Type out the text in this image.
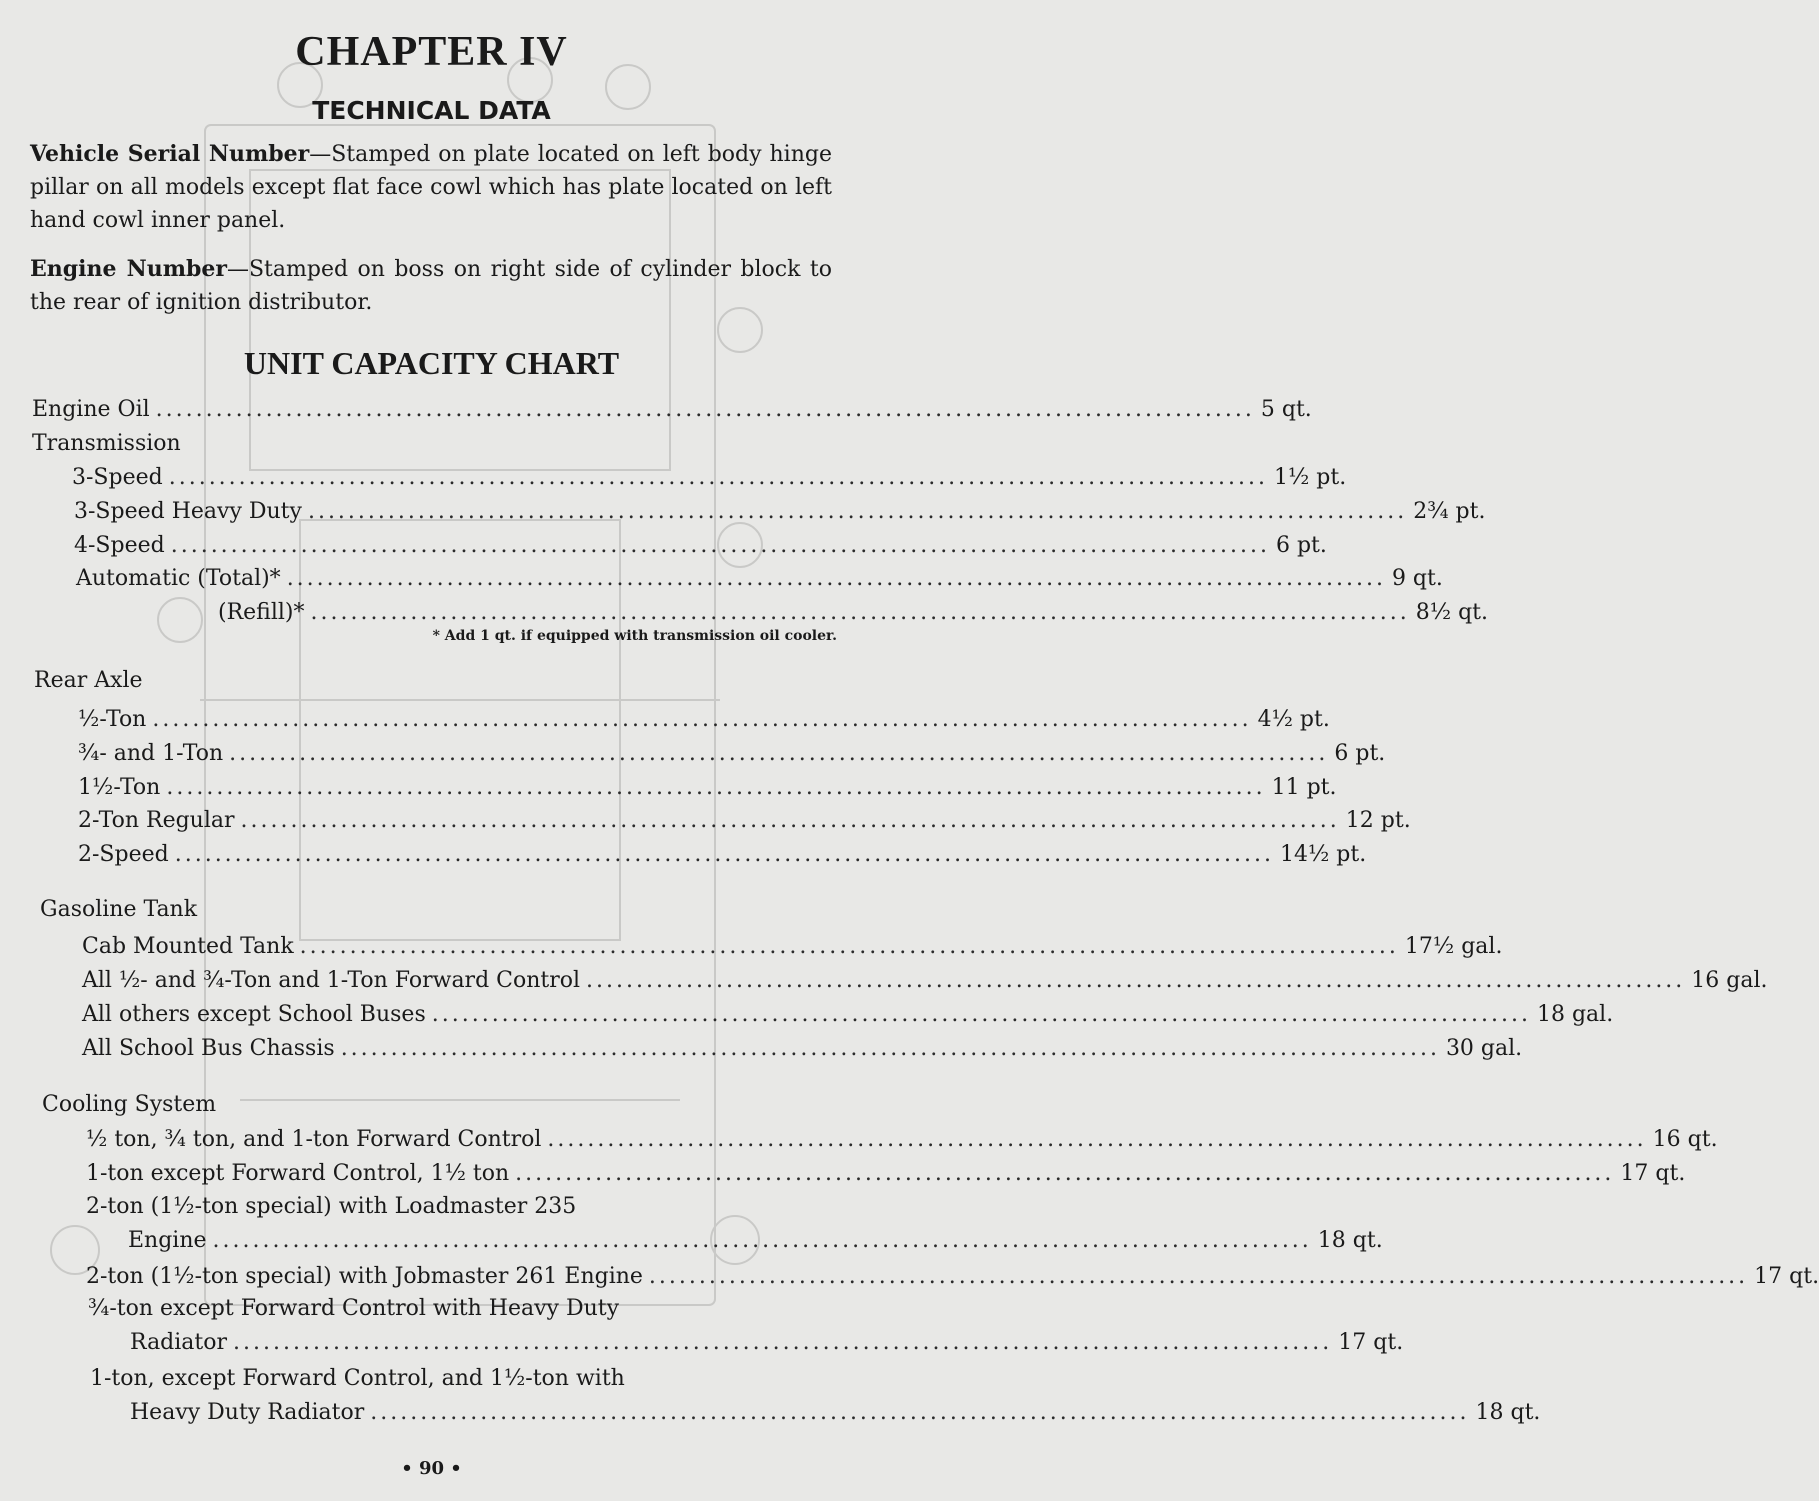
CHAPTER IV
TECHNICAL DATA
Vehicle Serial Number—Stamped on plate located on left body hinge pillar on all models except flat face cowl which has plate located on left hand cowl inner panel.
Engine Number—Stamped on boss on right side of cylinder block to the rear of ignition distributor.
UNIT CAPACITY CHART
Engine Oil .............................................................................................................. 5 qt.
Transmission
3-Speed .............................................................................................................. 1½ pt.
3-Speed Heavy Duty .............................................................................................................. 2¾ pt.
4-Speed .............................................................................................................. 6 pt.
Automatic (Total)* .............................................................................................................. 9 qt.
(Refill)* .............................................................................................................. 8½ qt.
* Add 1 qt. if equipped with transmission oil cooler.
Rear Axle
½-Ton .............................................................................................................. 4½ pt.
¾- and 1-Ton .............................................................................................................. 6 pt.
1½-Ton .............................................................................................................. 11 pt.
2-Ton Regular .............................................................................................................. 12 pt.
2-Speed .............................................................................................................. 14½ pt.
Gasoline Tank
Cab Mounted Tank .............................................................................................................. 17½ gal.
All ½- and ¾-Ton and 1-Ton Forward Control .............................................................................................................. 16 gal.
All others except School Buses .............................................................................................................. 18 gal.
All School Bus Chassis .............................................................................................................. 30 gal.
Cooling System
½ ton, ¾ ton, and 1-ton Forward Control .............................................................................................................. 16 qt.
1-ton except Forward Control, 1½ ton .............................................................................................................. 17 qt.
2-ton (1½-ton special) with Loadmaster 235
Engine .............................................................................................................. 18 qt.
2-ton (1½-ton special) with Jobmaster 261 Engine .............................................................................................................. 17 qt.
¾-ton except Forward Control with Heavy Duty
Radiator .............................................................................................................. 17 qt.
1-ton, except Forward Control, and 1½-ton with
Heavy Duty Radiator .............................................................................................................. 18 qt.
• 90 •
